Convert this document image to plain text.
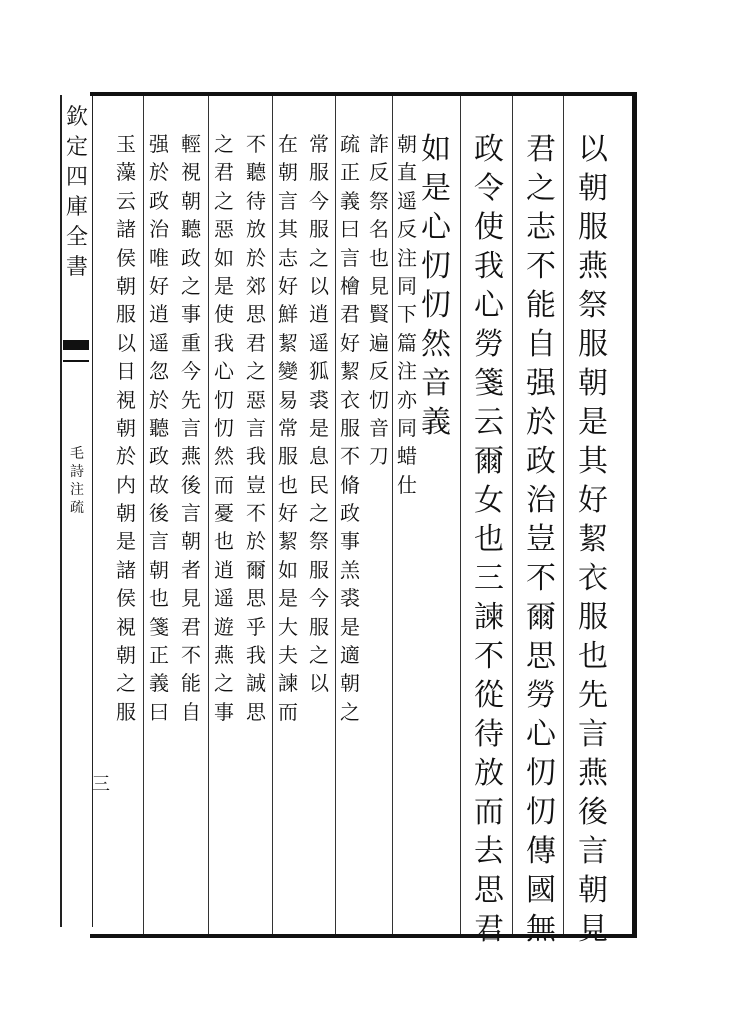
欽
定
四
庫
全
書
毛
詩
注
疏
三
以
朝
服
燕
祭
服
朝
是
其
好
絜
衣
服
也
先
言
燕
後
言
朝
見
君
之
志
不
能
自
强
於
政
治
豈
不
爾
思
勞
心
忉
忉
傳
國
無
政
令
使
我
心
勞
箋
云
爾
女
也
三
諫
不
從
待
放
而
去
思
君
如
是
心
忉
忉
然
音
義
朝
直
遥
反
注
同
下
篇
注
亦
同
蜡
仕
詐
反
祭
名
也
見
賢
遍
反
忉
音
刀
疏
正
義
曰
言
檜
君
好
絜
衣
服
不
脩
政
事
羔
裘
是
適
朝
之
常
服
今
服
之
以
逍
遥
狐
裘
是
息
民
之
祭
服
今
服
之
以
在
朝
言
其
志
好
鮮
絜
變
易
常
服
也
好
絜
如
是
大
夫
諫
而
不
聽
待
放
於
郊
思
君
之
惡
言
我
豈
不
於
爾
思
乎
我
誠
思
之
君
之
惡
如
是
使
我
心
忉
忉
然
而
憂
也
逍
遥
遊
燕
之
事
輕
視
朝
聽
政
之
事
重
今
先
言
燕
後
言
朝
者
見
君
不
能
自
强
於
政
治
唯
好
逍
遥
忽
於
聽
政
故
後
言
朝
也
箋
正
義
曰
玉
藻
云
諸
侯
朝
服
以
日
視
朝
於
内
朝
是
諸
侯
視
朝
之
服
